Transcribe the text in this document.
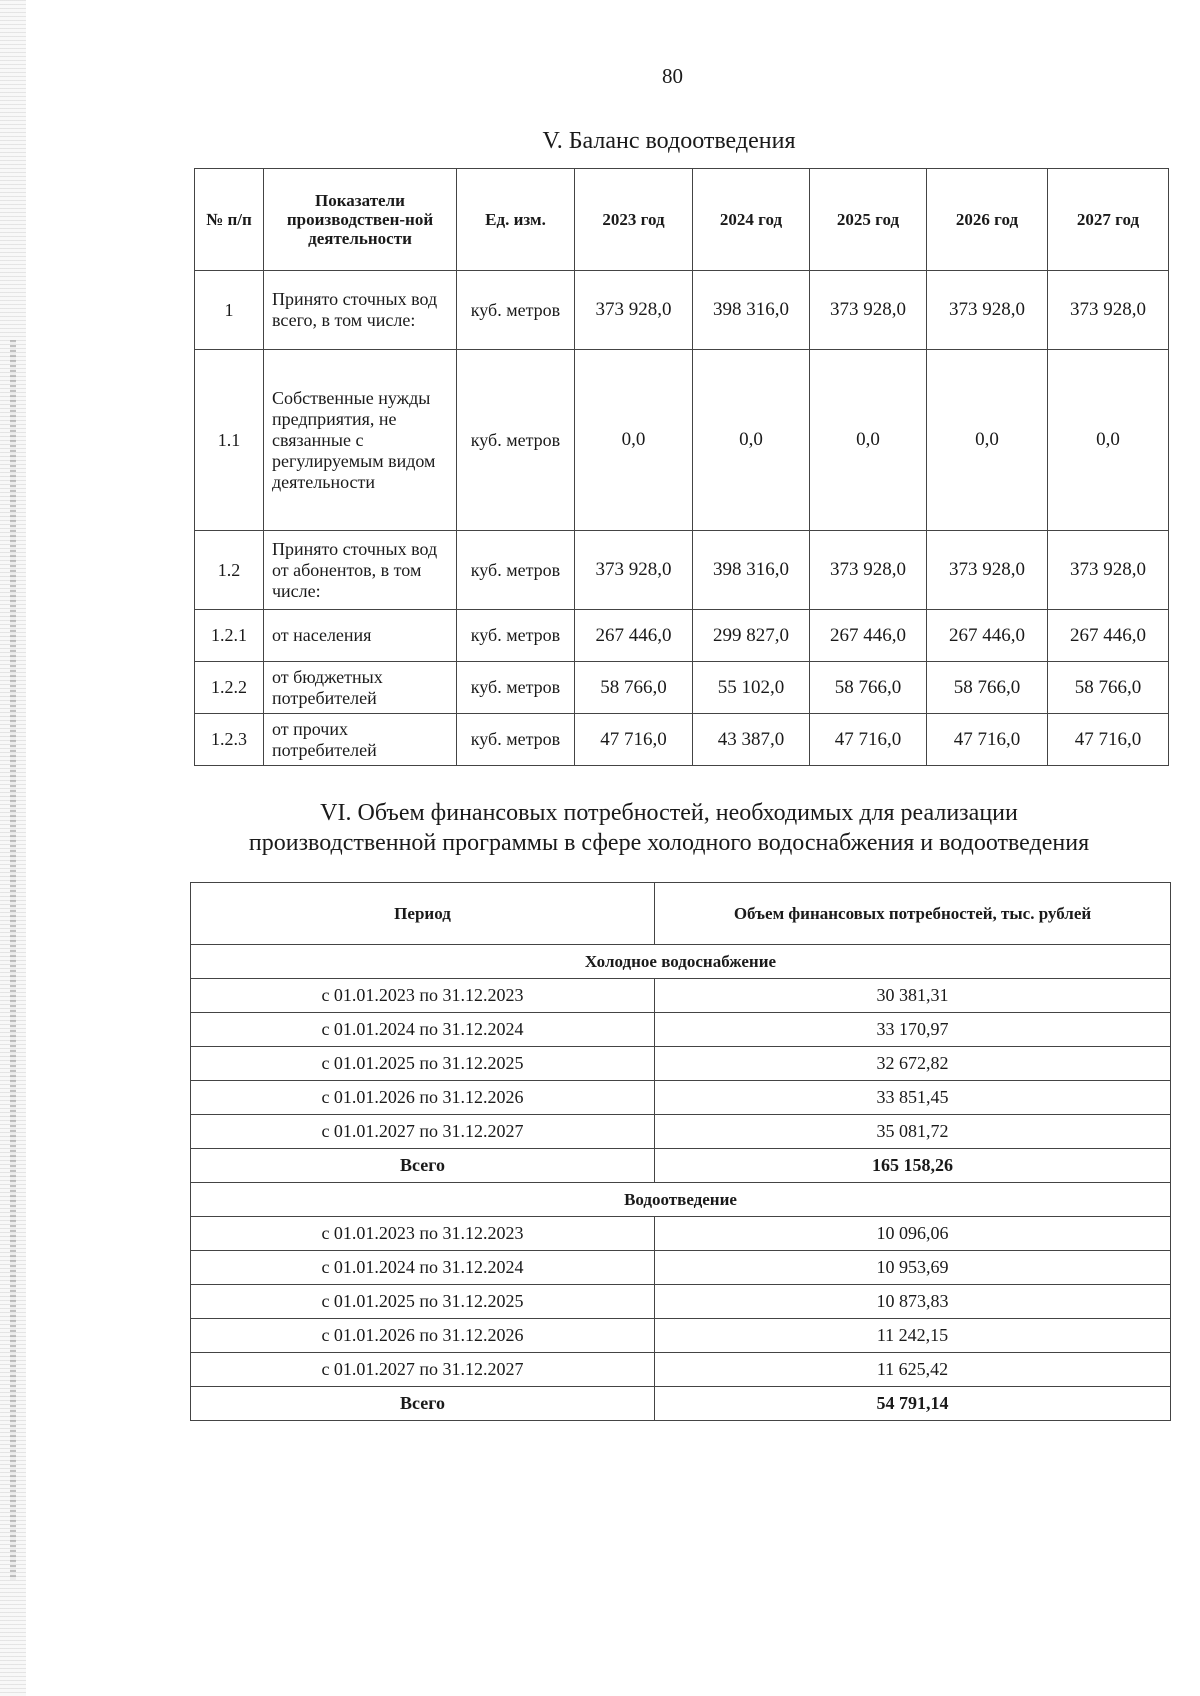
80
V. Баланс водоотведения
№ п/п	Показатели производствен-ной деятельности	Ед. изм.	2023 год	2024 год	2025 год	2026 год	2027 год
1	Принято сточных вод всего, в том числе:	куб. метров	373 928,0	398 316,0	373 928,0	373 928,0	373 928,0
1.1	Собственные нужды предприятия, не связанные с регулируемым видом деятельности	куб. метров	0,0	0,0	0,0	0,0	0,0
1.2	Принято сточных вод от абонентов, в том числе:	куб. метров	373 928,0	398 316,0	373 928,0	373 928,0	373 928,0
1.2.1	от населения	куб. метров	267 446,0	299 827,0	267 446,0	267 446,0	267 446,0
1.2.2	от бюджетных потребителей	куб. метров	58 766,0	55 102,0	58 766,0	58 766,0	58 766,0
1.2.3	от прочих потребителей	куб. метров	47 716,0	43 387,0	47 716,0	47 716,0	47 716,0
VI. Объем финансовых потребностей, необходимых для реализации
производственной программы в сфере холодного водоснабжения и водоотведения
Период	Объем финансовых потребностей, тыс. рублей
Холодное водоснабжение	
с 01.01.2023 по 31.12.2023	30 381,31
с 01.01.2024 по 31.12.2024	33 170,97
с 01.01.2025 по 31.12.2025	32 672,82
с 01.01.2026 по 31.12.2026	33 851,45
с 01.01.2027 по 31.12.2027	35 081,72
Всего	165 158,26
Водоотведение	
с 01.01.2023 по 31.12.2023	10 096,06
с 01.01.2024 по 31.12.2024	10 953,69
с 01.01.2025 по 31.12.2025	10 873,83
с 01.01.2026 по 31.12.2026	11 242,15
с 01.01.2027 по 31.12.2027	11 625,42
Всего	54 791,14
